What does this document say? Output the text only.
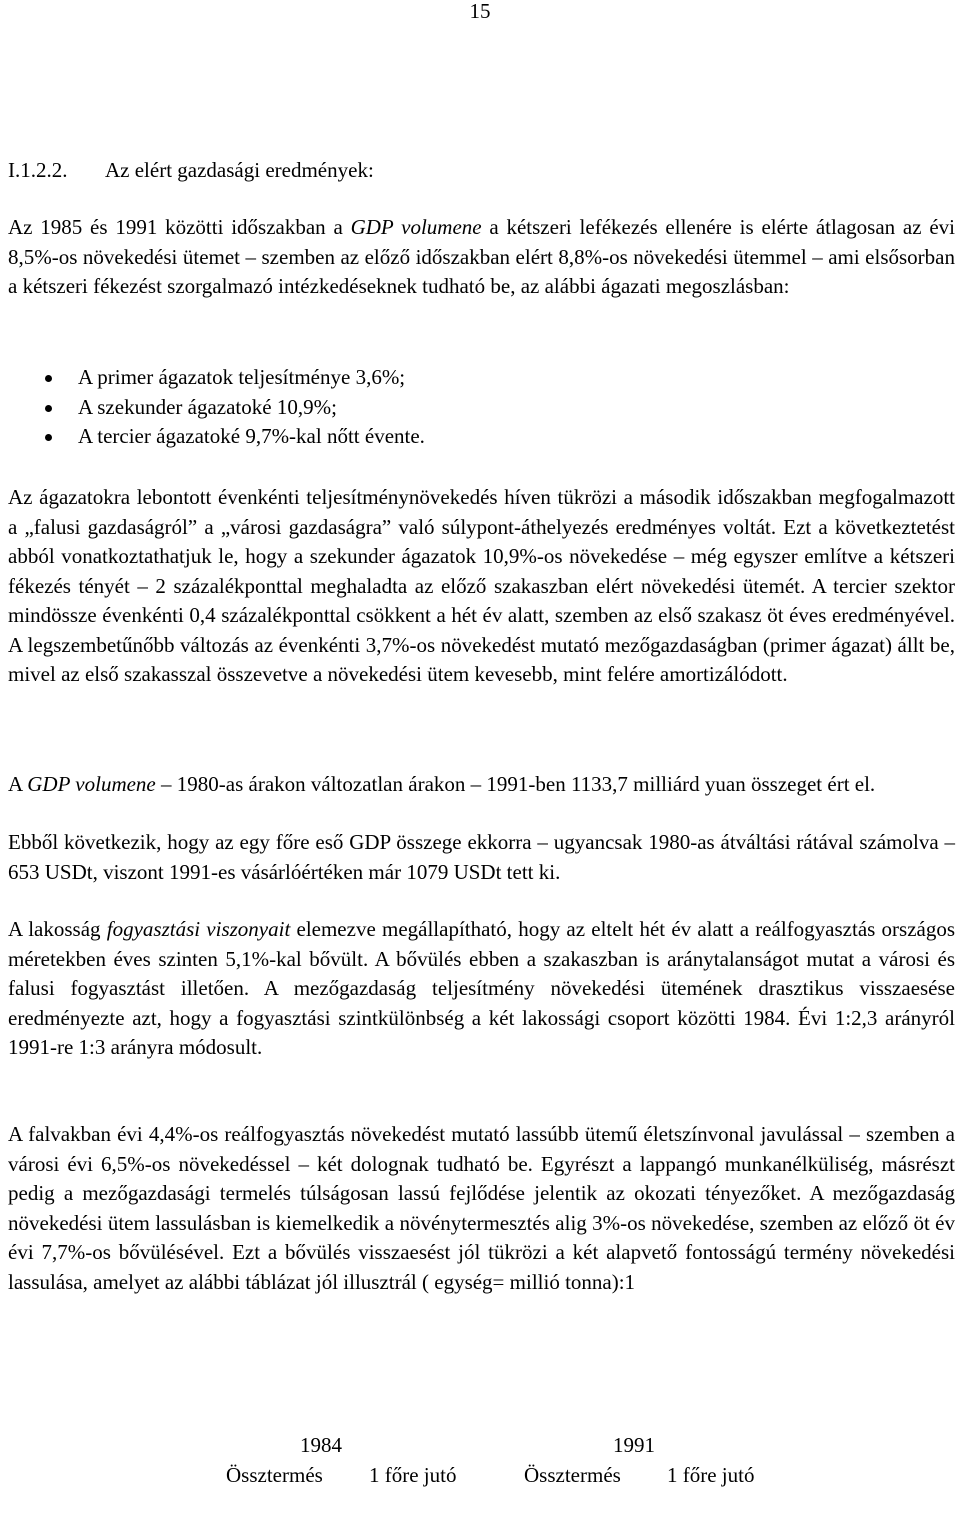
15
I.1.2.2. Az elért gazdasági eredmények:

Az 1985 és 1991 közötti időszakban a GDP volumene a kétszeri lefékezés ellenére is elérte átlagosan az évi 8,5%-os növekedési ütemet – szemben az előző időszakban elért 8,8%-os növekedési ütemmel – ami elsősorban a kétszeri fékezést szorgalmazó intézkedéseknek tudható be, az alábbi ágazati megoszlásban:

A primer ágazatok teljesítménye 3,6%;
A szekunder ágazatoké 10,9%;
A tercier ágazatoké 9,7%-kal nőtt évente.

Az ágazatokra lebontott évenkénti teljesítménynövekedés híven tükrözi a második időszakban megfogalmazott a „falusi gazdaságról” a „városi gazdaságra” való súlypont-áthelyezés eredményes voltát. Ezt a következtetést abból vonatkoztathatjuk le, hogy a szekunder ágazatok 10,9%-os növekedése – még egyszer említve a kétszeri fékezés tényét – 2 százalékponttal meghaladta az előző szakaszban elért növekedési ütemét. A tercier szektor mindössze évenkénti 0,4 százalékponttal csökkent a hét év alatt, szemben az első szakasz öt éves eredményével. A legszembetűnőbb változás az évenkénti 3,7%-os növekedést mutató mezőgazdaságban (primer ágazat) állt be, mivel az első szakasszal összevetve a növekedési ütem kevesebb, mint felére amortizálódott.

A GDP volumene – 1980-as árakon változatlan árakon – 1991-ben 1133,7 milliárd yuan összeget ért el.

Ebből következik, hogy az egy főre eső GDP összege ekkorra – ugyancsak 1980-as átváltási rátával számolva – 653 USDt, viszont 1991-es vásárlóértéken már 1079 USDt tett ki.

A lakosság fogyasztási viszonyait elemezve megállapítható, hogy az eltelt hét év alatt a reálfogyasztás országos méretekben éves szinten 5,1%-kal bővült. A bővülés ebben a szakaszban is aránytalanságot mutat a városi és falusi fogyasztást illetően. A mezőgazdaság teljesítmény növekedési ütemének drasztikus visszaesése eredményezte azt, hogy a fogyasztási szintkülönbség a két lakossági csoport közötti 1984. Évi 1:2,3 arányról 1991-re 1:3 arányra módosult.

A falvakban évi 4,4%-os reálfogyasztás növekedést mutató lassúbb ütemű életszínvonal javulással – szemben a városi évi 6,5%-os növekedéssel – két dolognak tudható be. Egyrészt a lappangó munkanélküliség, másrészt pedig a mezőgazdasági termelés túlságosan lassú fejlődése jelentik az okozati tényezőket. A mezőgazdaság növekedési ütem lassulásban is kiemelkedik a növénytermesztés alig 3%-os növekedése, szemben az előző öt év évi 7,7%-os bővülésével. Ezt a bővülés visszaesést jól tükrözi a két alapvető fontosságú termény növekedési lassulása, amelyet az alábbi táblázat jól illusztrál ( egység= millió tonna):1

1984	1991
Össztermés 1 főre jutó	Össztermés 1 főre jutó
